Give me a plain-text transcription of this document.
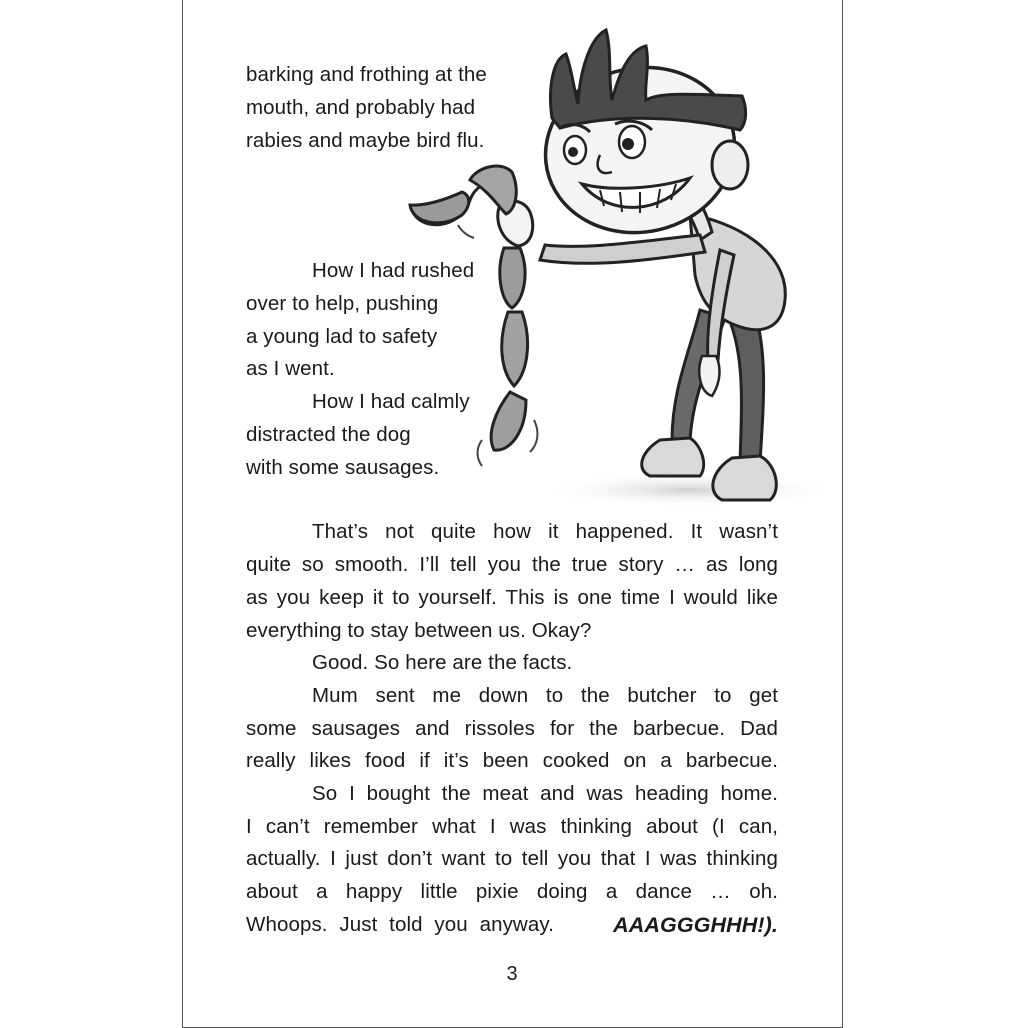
barking and frothing at the
mouth, and probably had
rabies and maybe bird flu.
How I had rushed
over to help, pushing
a young lad to safety
as I went.
How I had calmly
distracted the dog
with some sausages.
That’s not quite how it happened. It wasn’t
quite so smooth. I’ll tell you the true story … as long
as you keep it to yourself. This is one time I would like
everything to stay between us. Okay?
Good. So here are the facts.
Mum sent me down to the butcher to get
some sausages and rissoles for the barbecue. Dad
really likes food if it’s been cooked on a barbecue.
So I bought the meat and was heading home.
I can’t remember what I was thinking about (I can,
actually. I just don’t want to tell you that I was thinking
about a happy little pixie doing a dance … oh.
Whoops. Just told you anyway.	AAAGGGHHH!).
3
